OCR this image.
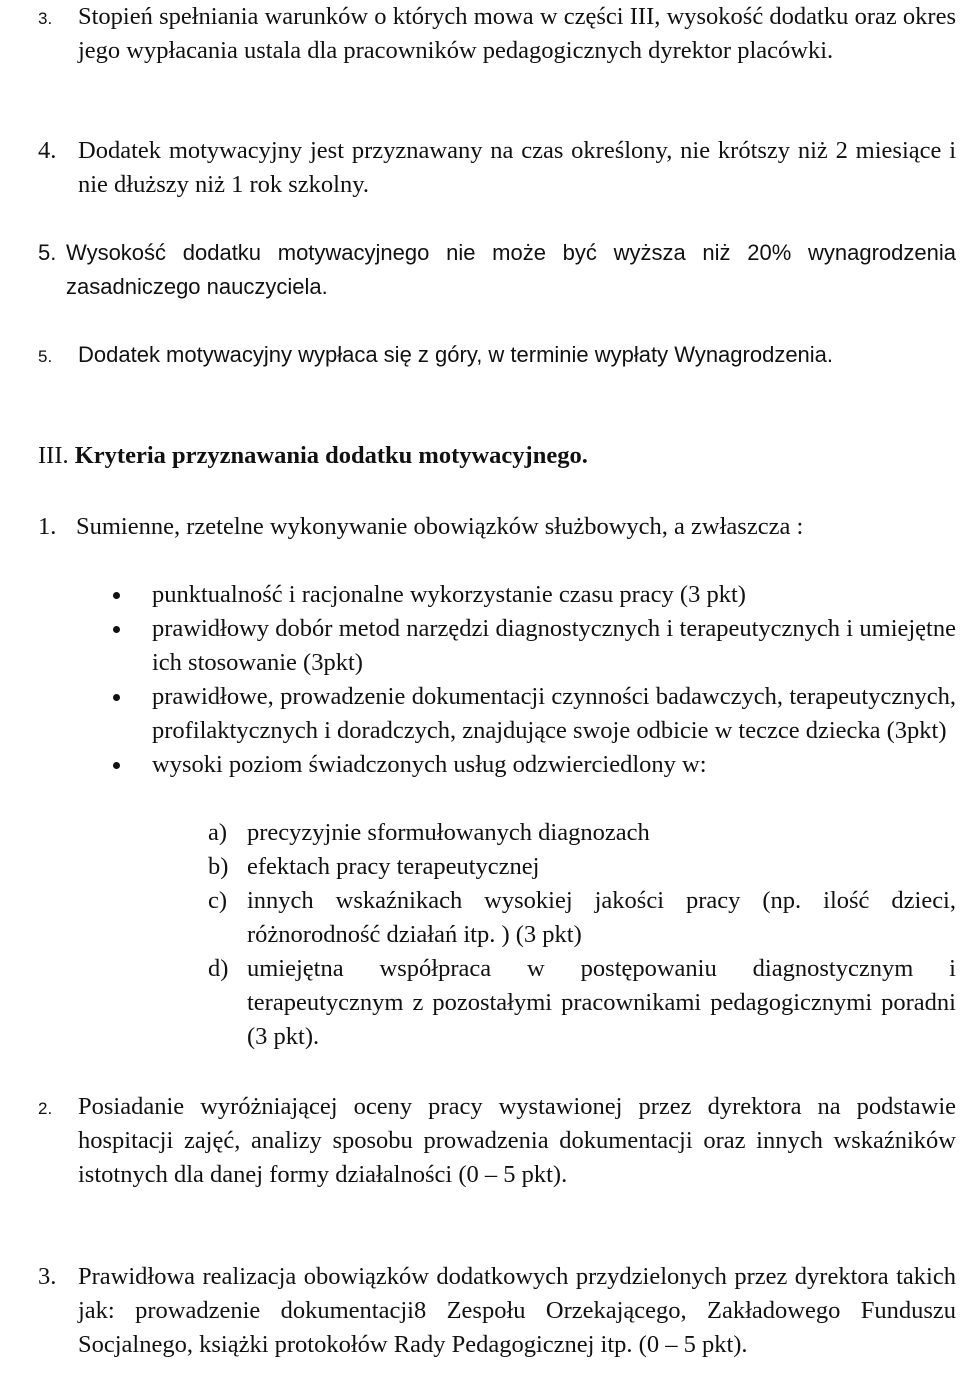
3. Stopień spełniania warunków o których mowa w części III, wysokość dodatku oraz okres jego wypłacania ustala dla pracowników pedagogicznych dyrektor placówki.
4. Dodatek motywacyjny jest przyznawany na czas określony, nie krótszy niż 2 miesiące i nie dłuższy niż 1 rok szkolny.
5. Wysokość dodatku motywacyjnego nie może być wyższa niż 20% wynagrodzenia zasadniczego nauczyciela.
5. Dodatek motywacyjny wypłaca się z góry, w terminie wypłaty Wynagrodzenia.
III. Kryteria przyznawania dodatku motywacyjnego.
1. Sumienne, rzetelne wykonywanie obowiązków służbowych, a zwłaszcza :
punktualność i racjonalne wykorzystanie czasu pracy (3 pkt)
prawidłowy dobór metod narzędzi diagnostycznych i terapeutycznych i umiejętne ich stosowanie (3pkt)
prawidłowe, prowadzenie dokumentacji czynności badawczych, terapeutycznych, profilaktycznych i doradczych, znajdujące swoje odbicie w teczce dziecka (3pkt)
wysoki poziom świadczonych usług odzwierciedlony w:
a) precyzyjnie sformułowanych diagnozach
b) efektach pracy terapeutycznej
c) innych wskaźnikach wysokiej jakości pracy (np. ilość dzieci, różnorodność działań itp. ) (3 pkt)
d) umiejętna współpraca w postępowaniu diagnostycznym i terapeutycznym z pozostałymi pracownikami pedagogicznymi poradni (3 pkt).
2. Posiadanie wyróżniającej oceny pracy wystawionej przez dyrektora na podstawie hospitacji zajęć, analizy sposobu prowadzenia dokumentacji oraz innych wskaźników istotnych dla danej formy działalności (0 – 5 pkt).
3. Prawidłowa realizacja obowiązków dodatkowych przydzielonych przez dyrektora takich jak: prowadzenie dokumentacji8 Zespołu Orzekającego, Zakładowego Funduszu Socjalnego, książki protokołów Rady Pedagogicznej itp. (0 – 5 pkt).
